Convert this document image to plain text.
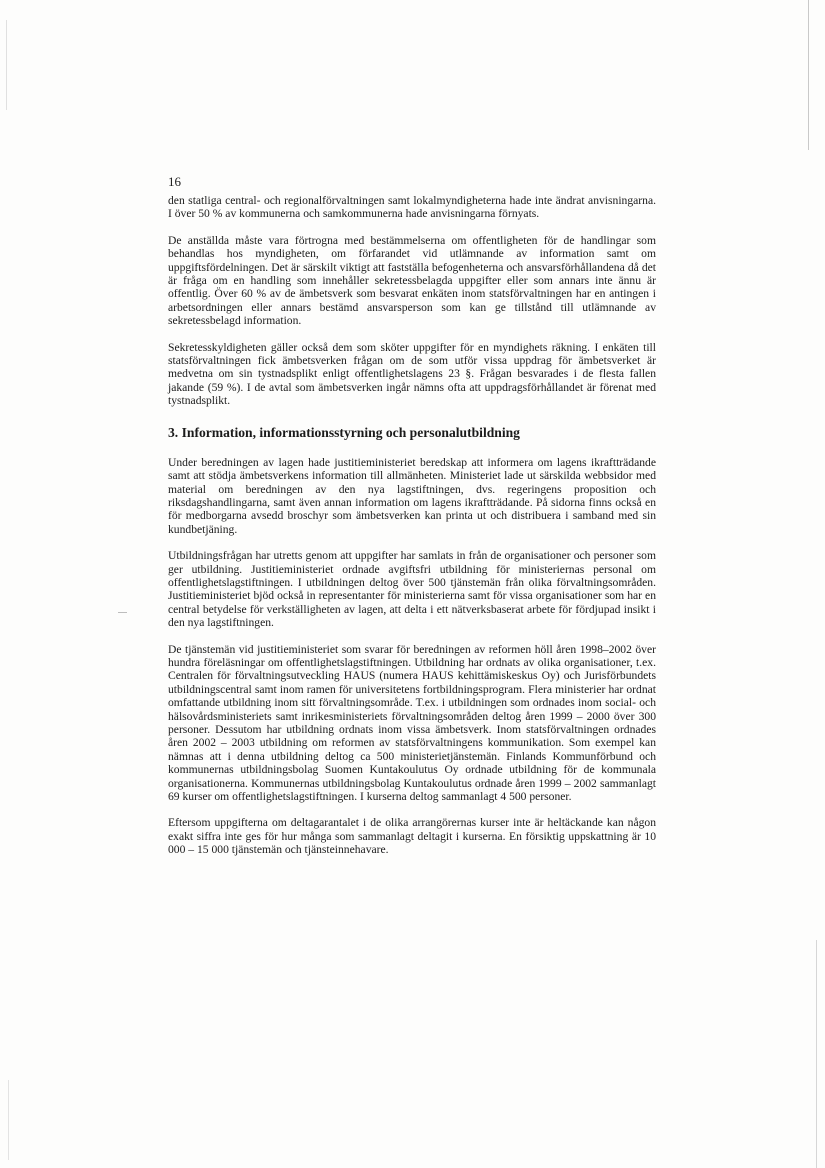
16

den statliga central- och regionalförvaltningen samt lokalmyndigheterna hade inte ändrat anvisningarna. I över 50 % av kommunerna och samkommunerna hade anvisningarna förnyats.

De anställda måste vara förtrogna med bestämmelserna om offentligheten för de handlingar som behandlas hos myndigheten, om förfarandet vid utlämnande av information samt om uppgiftsfördelningen. Det är särskilt viktigt att fastställa befogenheterna och ansvarsförhållandena då det är fråga om en handling som innehåller sekretessbelagda uppgifter eller som annars inte ännu är offentlig. Över 60 % av de ämbetsverk som besvarat enkäten inom statsförvaltningen har en antingen i arbetsordningen eller annars bestämd ansvarsperson som kan ge tillstånd till utlämnande av sekretessbelagd information.

Sekretesskyldigheten gäller också dem som sköter uppgifter för en myndighets räkning. I enkäten till statsförvaltningen fick ämbetsverken frågan om de som utför vissa uppdrag för ämbetsverket är medvetna om sin tystnadsplikt enligt offentlighetslagens 23 §. Frågan besvarades i de flesta fallen jakande (59 %). I de avtal som ämbetsverken ingår nämns ofta att uppdragsförhållandet är förenat med tystnadsplikt.

3. Information, informationsstyrning och personalutbildning

Under beredningen av lagen hade justitieministeriet beredskap att informera om lagens ikraftträdande samt att stödja ämbetsverkens information till allmänheten. Ministeriet lade ut särskilda webbsidor med material om beredningen av den nya lagstiftningen, dvs. regeringens proposition och riksdagshandlingarna, samt även annan information om lagens ikraftträdande. På sidorna finns också en för medborgarna avsedd broschyr som ämbetsverken kan printa ut och distribuera i samband med sin kundbetjäning.

Utbildningsfrågan har utretts genom att uppgifter har samlats in från de organisationer och personer som ger utbildning. Justitieministeriet ordnade avgiftsfri utbildning för ministeriernas personal om offentlighetslagstiftningen. I utbildningen deltog över 500 tjänstemän från olika förvaltningsområden. Justitieministeriet bjöd också in representanter för ministerierna samt för vissa organisationer som har en central betydelse för verkställigheten av lagen, att delta i ett nätverksbaserat arbete för fördjupad insikt i den nya lagstiftningen.

De tjänstemän vid justitieministeriet som svarar för beredningen av reformen höll åren 1998–2002 över hundra föreläsningar om offentlighetslagstiftningen. Utbildning har ordnats av olika organisationer, t.ex. Centralen för förvaltningsutveckling HAUS (numera HAUS kehittämiskeskus Oy) och Jurisförbundets utbildningscentral samt inom ramen för universitetens fortbildningsprogram. Flera ministerier har ordnat omfattande utbildning inom sitt förvaltningsområde. T.ex. i utbildningen som ordnades inom social- och hälsovårdsministeriets samt inrikesministeriets förvaltningsområden deltog åren 1999 – 2000 över 300 personer. Dessutom har utbildning ordnats inom vissa ämbetsverk. Inom statsförvaltningen ordnades åren 2002 – 2003 utbildning om reformen av statsförvaltningens kommunikation. Som exempel kan nämnas att i denna utbildning deltog ca 500 ministerietjänstemän. Finlands Kommunförbund och kommunernas utbildningsbolag Suomen Kuntakoulutus Oy ordnade utbildning för de kommunala organisationerna. Kommunernas utbildningsbolag Kuntakoulutus ordnade åren 1999 – 2002 sammanlagt 69 kurser om offentlighetslagstiftningen. I kurserna deltog sammanlagt 4 500 personer.

Eftersom uppgifterna om deltagarantalet i de olika arrangörernas kurser inte är heltäckande kan någon exakt siffra inte ges för hur många som sammanlagt deltagit i kurserna. En försiktig uppskattning är 10 000 – 15 000 tjänstemän och tjänsteinnehavare.
